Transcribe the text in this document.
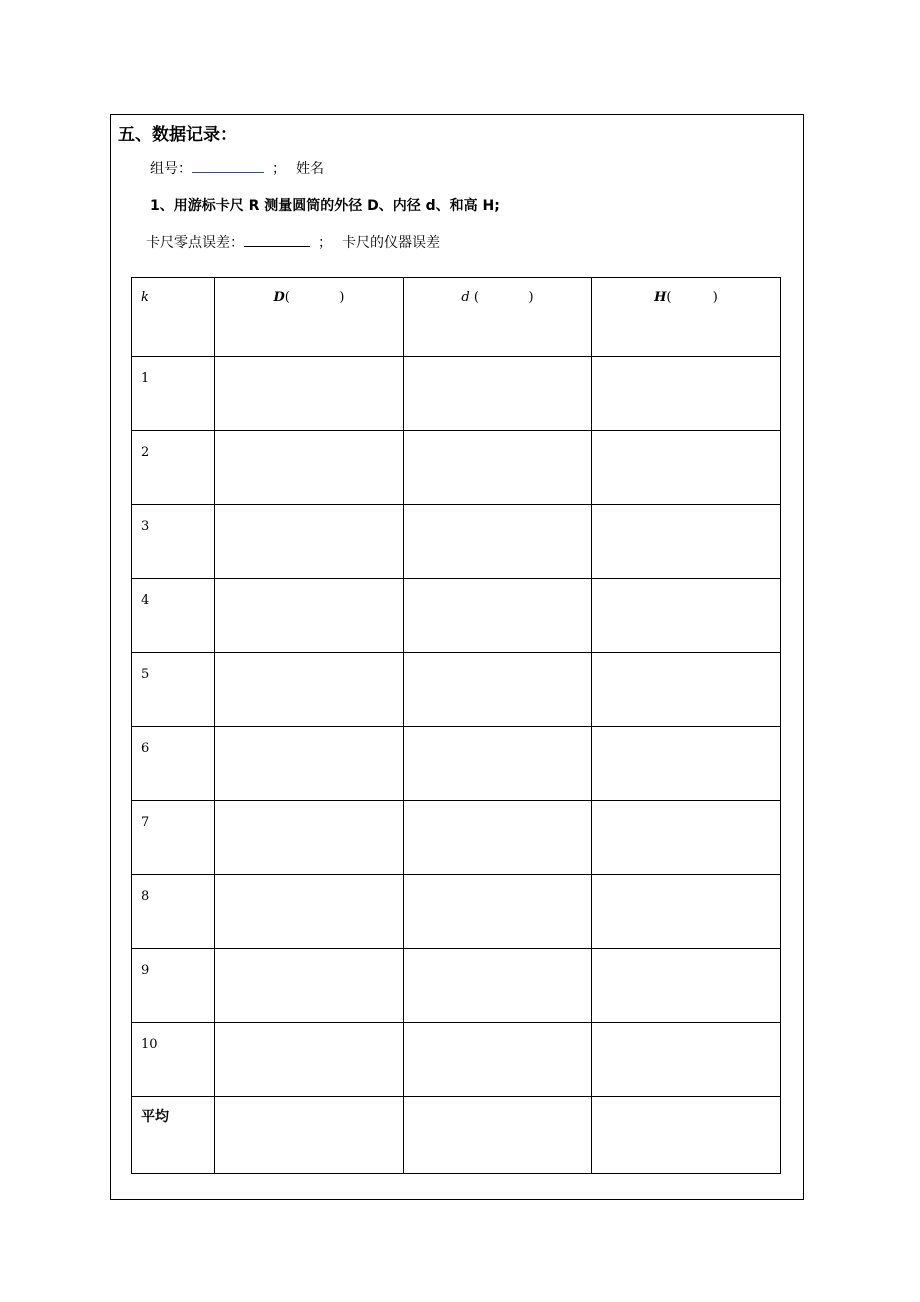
五、数据记录：
组号：	； 姓名
1、用游标卡尺 R 测量圆筒的外径 D、内径 d、和高 H;
卡尺零点误差：	； 卡尺的仪器误差
k	D(            )	d (            )	H(          )

1			

2			

3			

4			

5			

6			

7			

8			

9			

10			

平均			
